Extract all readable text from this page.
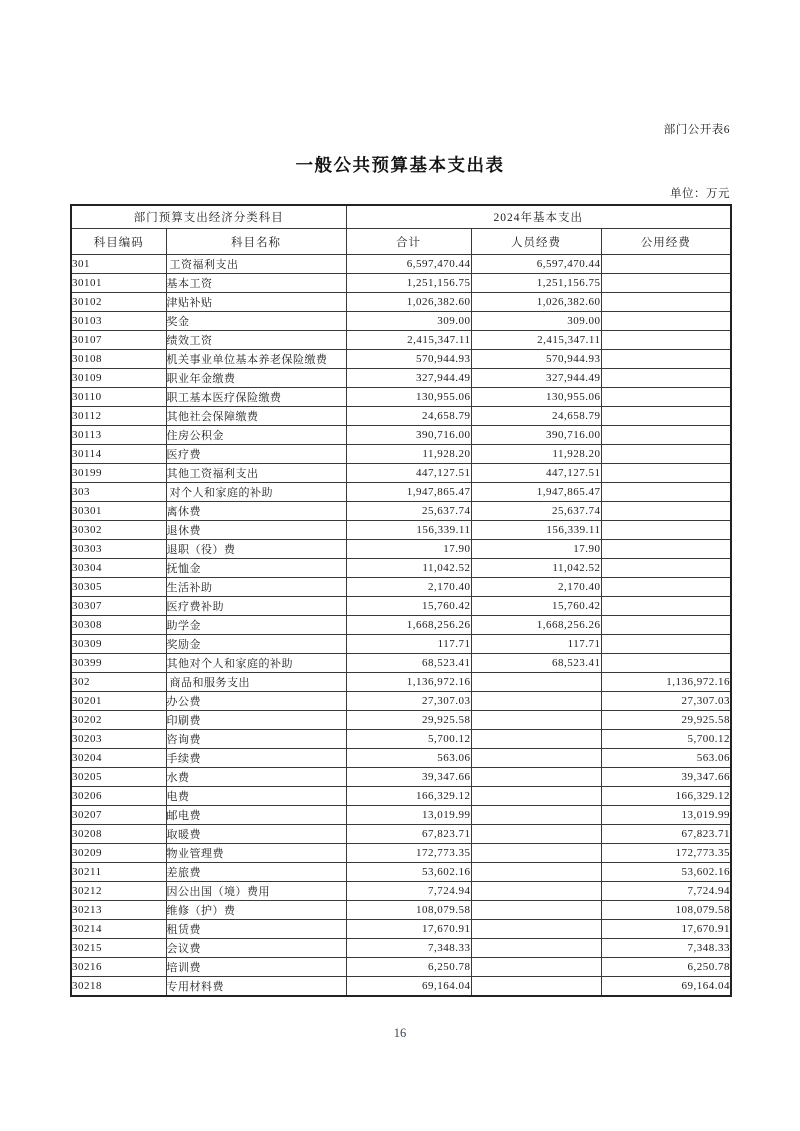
部门公开表6
一般公共预算基本支出表
单位：万元
部门预算支出经济分类科目		2024年基本支出		
科目编码	科目名称	合计	人员经费	公用经费
301	工资福利支出	6,597,470.44	6,597,470.44	
30101	基本工资	1,251,156.75	1,251,156.75	
30102	津贴补贴	1,026,382.60	1,026,382.60	
30103	奖金	309.00	309.00	
30107	绩效工资	2,415,347.11	2,415,347.11	
30108	机关事业单位基本养老保险缴费	570,944.93	570,944.93	
30109	职业年金缴费	327,944.49	327,944.49	
30110	职工基本医疗保险缴费	130,955.06	130,955.06	
30112	其他社会保障缴费	24,658.79	24,658.79	
30113	住房公积金	390,716.00	390,716.00	
30114	医疗费	11,928.20	11,928.20	
30199	其他工资福利支出	447,127.51	447,127.51	
303	对个人和家庭的补助	1,947,865.47	1,947,865.47	
30301	离休费	25,637.74	25,637.74	
30302	退休费	156,339.11	156,339.11	
30303	退职（役）费	17.90	17.90	
30304	抚恤金	11,042.52	11,042.52	
30305	生活补助	2,170.40	2,170.40	
30307	医疗费补助	15,760.42	15,760.42	
30308	助学金	1,668,256.26	1,668,256.26	
30309	奖励金	117.71	117.71	
30399	其他对个人和家庭的补助	68,523.41	68,523.41	
302	商品和服务支出	1,136,972.16		1,136,972.16
30201	办公费	27,307.03		27,307.03
30202	印刷费	29,925.58		29,925.58
30203	咨询费	5,700.12		5,700.12
30204	手续费	563.06		563.06
30205	水费	39,347.66		39,347.66
30206	电费	166,329.12		166,329.12
30207	邮电费	13,019.99		13,019.99
30208	取暖费	67,823.71		67,823.71
30209	物业管理费	172,773.35		172,773.35
30211	差旅费	53,602.16		53,602.16
30212	因公出国（境）费用	7,724.94		7,724.94
30213	维修（护）费	108,079.58		108,079.58
30214	租赁费	17,670.91		17,670.91
30215	会议费	7,348.33		7,348.33
30216	培训费	6,250.78		6,250.78
30218	专用材料费	69,164.04		69,164.04
16
